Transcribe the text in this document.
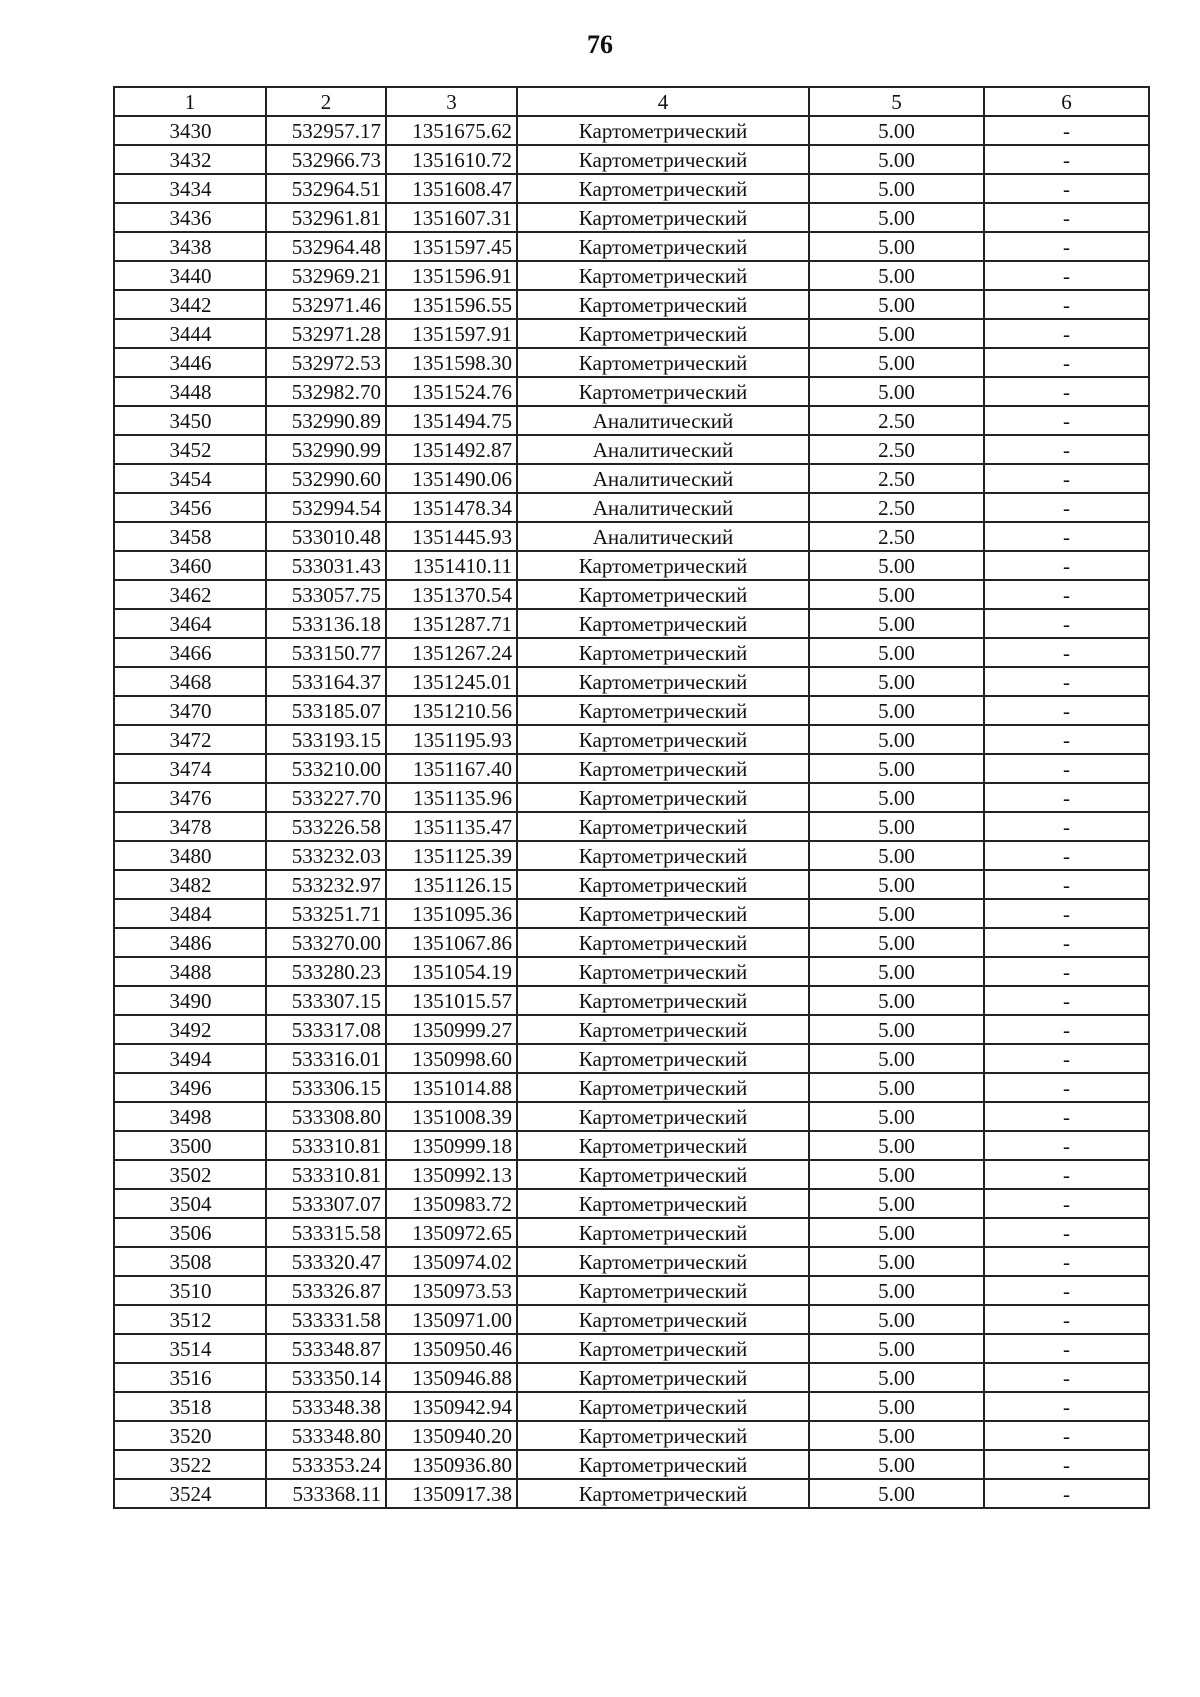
76
1	2	3	4	5	6
3430	532957.17	1351675.62	Картометрический	5.00	-
3432	532966.73	1351610.72	Картометрический	5.00	-
3434	532964.51	1351608.47	Картометрический	5.00	-
3436	532961.81	1351607.31	Картометрический	5.00	-
3438	532964.48	1351597.45	Картометрический	5.00	-
3440	532969.21	1351596.91	Картометрический	5.00	-
3442	532971.46	1351596.55	Картометрический	5.00	-
3444	532971.28	1351597.91	Картометрический	5.00	-
3446	532972.53	1351598.30	Картометрический	5.00	-
3448	532982.70	1351524.76	Картометрический	5.00	-
3450	532990.89	1351494.75	Аналитический	2.50	-
3452	532990.99	1351492.87	Аналитический	2.50	-
3454	532990.60	1351490.06	Аналитический	2.50	-
3456	532994.54	1351478.34	Аналитический	2.50	-
3458	533010.48	1351445.93	Аналитический	2.50	-
3460	533031.43	1351410.11	Картометрический	5.00	-
3462	533057.75	1351370.54	Картометрический	5.00	-
3464	533136.18	1351287.71	Картометрический	5.00	-
3466	533150.77	1351267.24	Картометрический	5.00	-
3468	533164.37	1351245.01	Картометрический	5.00	-
3470	533185.07	1351210.56	Картометрический	5.00	-
3472	533193.15	1351195.93	Картометрический	5.00	-
3474	533210.00	1351167.40	Картометрический	5.00	-
3476	533227.70	1351135.96	Картометрический	5.00	-
3478	533226.58	1351135.47	Картометрический	5.00	-
3480	533232.03	1351125.39	Картометрический	5.00	-
3482	533232.97	1351126.15	Картометрический	5.00	-
3484	533251.71	1351095.36	Картометрический	5.00	-
3486	533270.00	1351067.86	Картометрический	5.00	-
3488	533280.23	1351054.19	Картометрический	5.00	-
3490	533307.15	1351015.57	Картометрический	5.00	-
3492	533317.08	1350999.27	Картометрический	5.00	-
3494	533316.01	1350998.60	Картометрический	5.00	-
3496	533306.15	1351014.88	Картометрический	5.00	-
3498	533308.80	1351008.39	Картометрический	5.00	-
3500	533310.81	1350999.18	Картометрический	5.00	-
3502	533310.81	1350992.13	Картометрический	5.00	-
3504	533307.07	1350983.72	Картометрический	5.00	-
3506	533315.58	1350972.65	Картометрический	5.00	-
3508	533320.47	1350974.02	Картометрический	5.00	-
3510	533326.87	1350973.53	Картометрический	5.00	-
3512	533331.58	1350971.00	Картометрический	5.00	-
3514	533348.87	1350950.46	Картометрический	5.00	-
3516	533350.14	1350946.88	Картометрический	5.00	-
3518	533348.38	1350942.94	Картометрический	5.00	-
3520	533348.80	1350940.20	Картометрический	5.00	-
3522	533353.24	1350936.80	Картометрический	5.00	-
3524	533368.11	1350917.38	Картометрический	5.00	-
